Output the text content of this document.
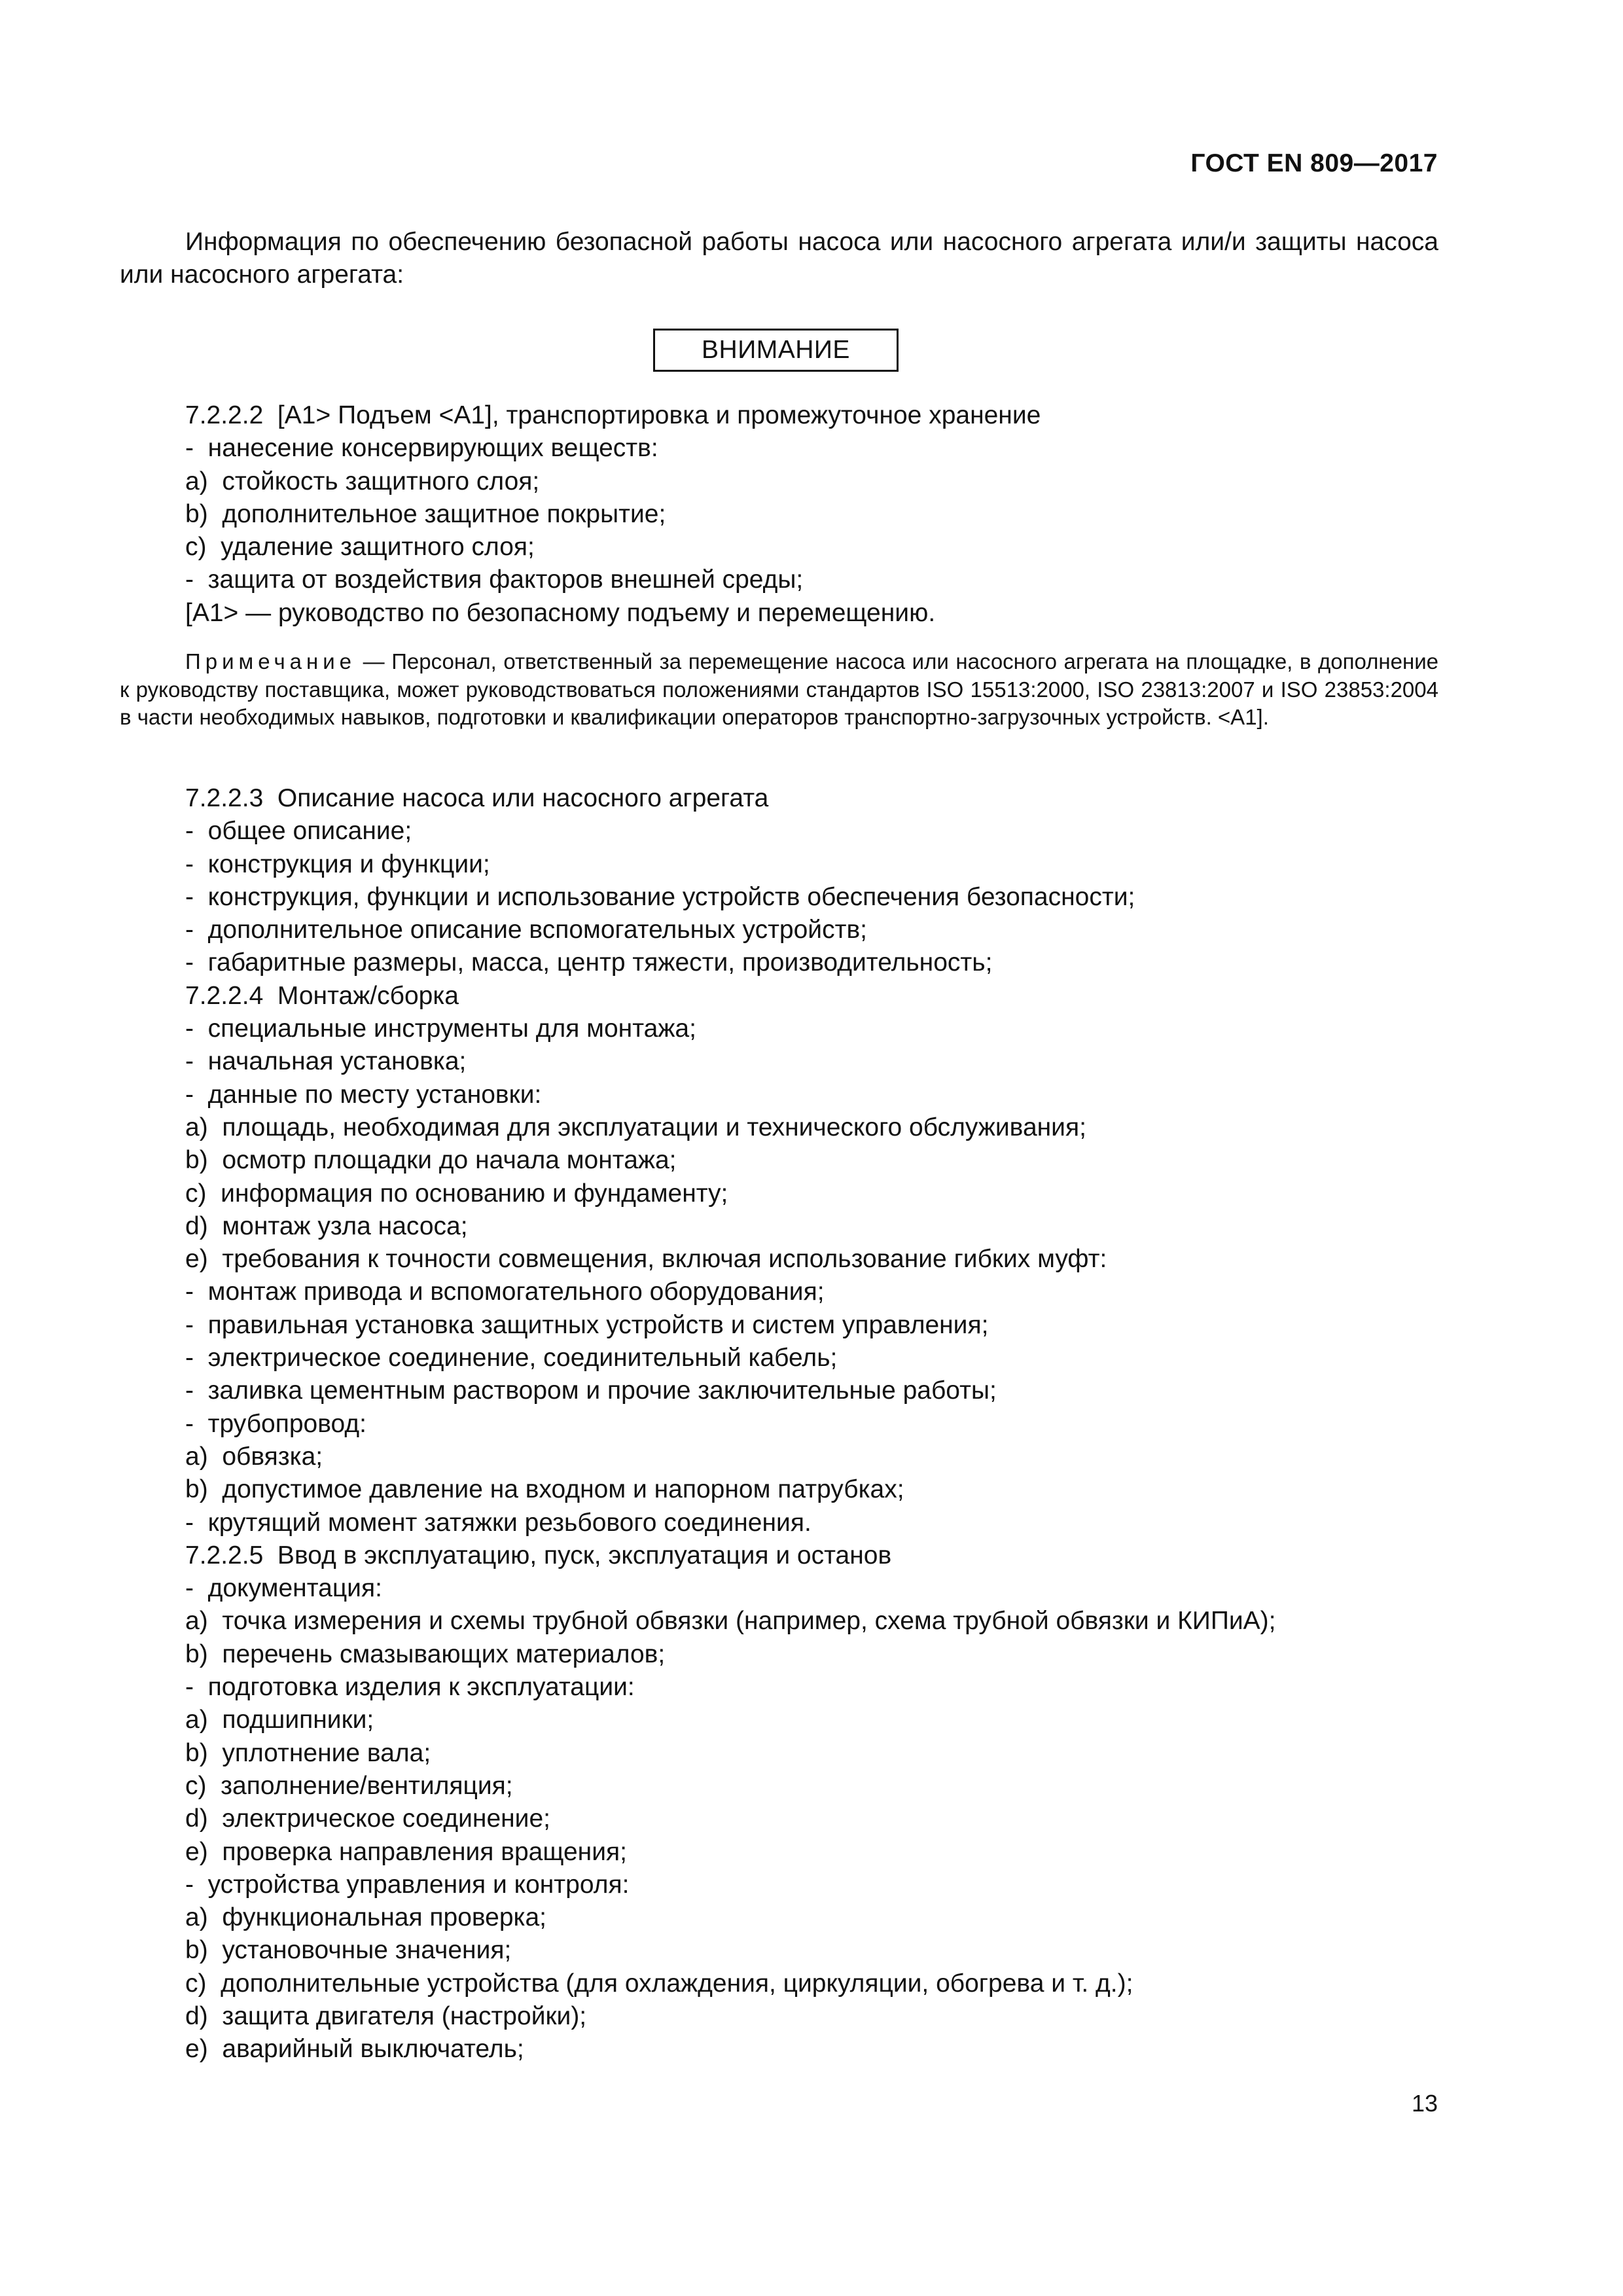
ГОСТ EN 809—2017

Информация по обеспечению безопасной работы насоса или насосного агрегата или/и защиты насоса или насосного агрегата:

ВНИМАНИЕ
7.2.2.2  [A1> Подъем <A1], транспортировка и промежуточное хранение
-  нанесение консервирующих веществ:
a)  стойкость защитного слоя;
b)  дополнительное защитное покрытие;
c)  удаление защитного слоя;
-  защита от воздействия факторов внешней среды;
[A1> — руководство по безопасному подъему и перемещению.

Примечание — Персонал, ответственный за перемещение насоса или насосного агрегата на площадке, в дополнение к руководству поставщика, может руководствоваться положениями стандартов ISO 15513:2000, ISO 23813:2007 и ISO 23853:2004 в части необходимых навыков, подготовки и квалификации операторов транспортно-загрузочных устройств. <A1].

7.2.2.3  Описание насоса или насосного агрегата
-  общее описание;
-  конструкция и функции;
-  конструкция, функции и использование устройств обеспечения безопасности;
-  дополнительное описание вспомогательных устройств;
-  габаритные размеры, масса, центр тяжести, производительность;
7.2.2.4  Монтаж/сборка
-  специальные инструменты для монтажа;
-  начальная установка;
-  данные по месту установки:
a)  площадь, необходимая для эксплуатации и технического обслуживания;
b)  осмотр площадки до начала монтажа;
c)  информация по основанию и фундаменту;
d)  монтаж узла насоса;
e)  требования к точности совмещения, включая использование гибких муфт:
-  монтаж привода и вспомогательного оборудования;
-  правильная установка защитных устройств и систем управления;
-  электрическое соединение, соединительный кабель;
-  заливка цементным раствором и прочие заключительные работы;
-  трубопровод:
a)  обвязка;
b)  допустимое давление на входном и напорном патрубках;
-  крутящий момент затяжки резьбового соединения.
7.2.2.5  Ввод в эксплуатацию, пуск, эксплуатация и останов
-  документация:
a)  точка измерения и схемы трубной обвязки (например, схема трубной обвязки и КИПиА);
b)  перечень смазывающих материалов;
-  подготовка изделия к эксплуатации:
a)  подшипники;
b)  уплотнение вала;
c)  заполнение/вентиляция;
d)  электрическое соединение;
e)  проверка направления вращения;
-  устройства управления и контроля:
a)  функциональная проверка;
b)  установочные значения;
c)  дополнительные устройства (для охлаждения, циркуляции, обогрева и т. д.);
d)  защита двигателя (настройки);
e)  аварийный выключатель;
13
